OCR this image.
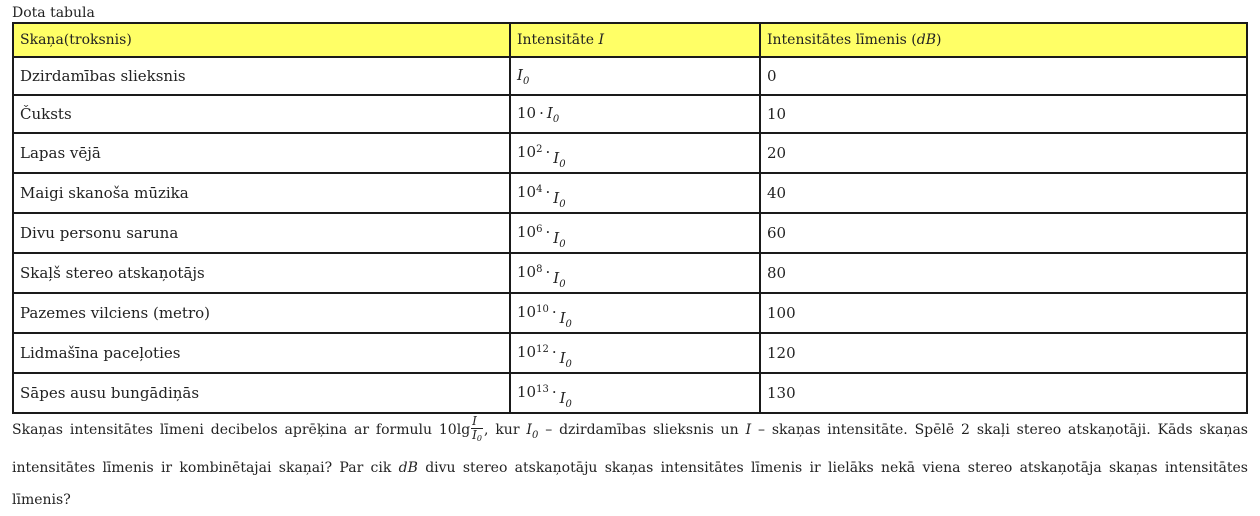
Dota tabula
Skaņa(troksnis)	Intensitāte I	Intensitātes līmenis (dB)
Dzirdamības slieksnis	$I_0$	0
Čuksts	$10 \cdot I_0$	10
Lapas vējā	$10^2 \cdot I_0$	20
Maigi skanoša mūzika	$10^4 \cdot I_0$	40
Divu personu saruna	$10^6 \cdot I_0$	60
Skaļš stereo atskaņotājs	$10^8 \cdot I_0$	80
Pazemes vilciens (metro)	$10^{10} \cdot I_0$	100
Lidmašīna paceļoties	$10^{12} \cdot I_0$	120
Sāpes ausu bungādiņās	$10^{13} \cdot I_0$	130
Skaņas intensitātes līmeni decibelos aprēķina ar formulu $10\lg \frac{I}{I0}$ , kur $I_0$ – dzirdamības slieksnis un I – skaņas intensitāte. Spēlē 2 skaļi stereo atskaņotāji. Kāds skaņas intensitātes līmenis ir kombinētajai skaņai? Par cik dB divu stereo atskaņotāju skaņas intensitātes līmenis ir lielāks nekā viena stereo atskaņotāja skaņas intensitātes līmenis?
